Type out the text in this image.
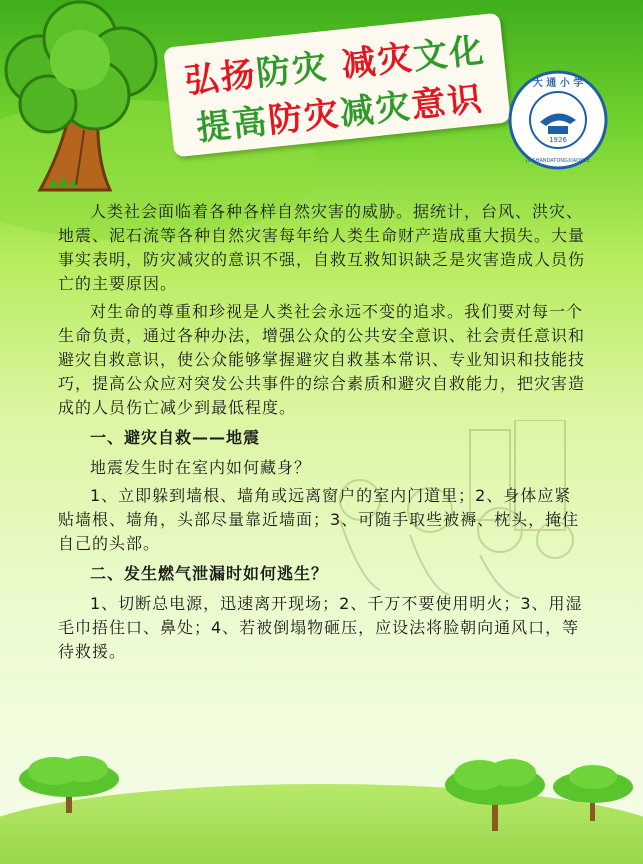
弘扬防灾 减灾文化
提高防灾减灾意识
1926
大 通 小 学
JIASHANDATONGXIAOXUE

人类社会面临着各种各样自然灾害的威胁。据统计，台风、洪灾、地震、泥石流等各种自然灾害每年给人类生命财产造成重大损失。大量事实表明，防灾减灾的意识不强，自救互救知识缺乏是灾害造成人员伤亡的主要原因。

对生命的尊重和珍视是人类社会永远不变的追求。我们要对每一个生命负责，通过各种办法，增强公众的公共安全意识、社会责任意识和避灾自救意识，使公众能够掌握避灾自救基本常识、专业知识和技能技巧，提高公众应对突发公共事件的综合素质和避灾自救能力，把灾害造成的人员伤亡减少到最低程度。

一、避灾自救——地震

地震发生时在室内如何藏身？

1、立即躲到墙根、墙角或远离窗户的室内门道里；2、身体应紧贴墙根、墙角，头部尽量靠近墙面；3、可随手取些被褥、枕头，掩住自己的头部。

二、发生燃气泄漏时如何逃生？

1、切断总电源，迅速离开现场；2、千万不要使用明火；3、用湿毛巾捂住口、鼻处；4、若被倒塌物砸压，应设法将脸朝向通风口，等待救援。
